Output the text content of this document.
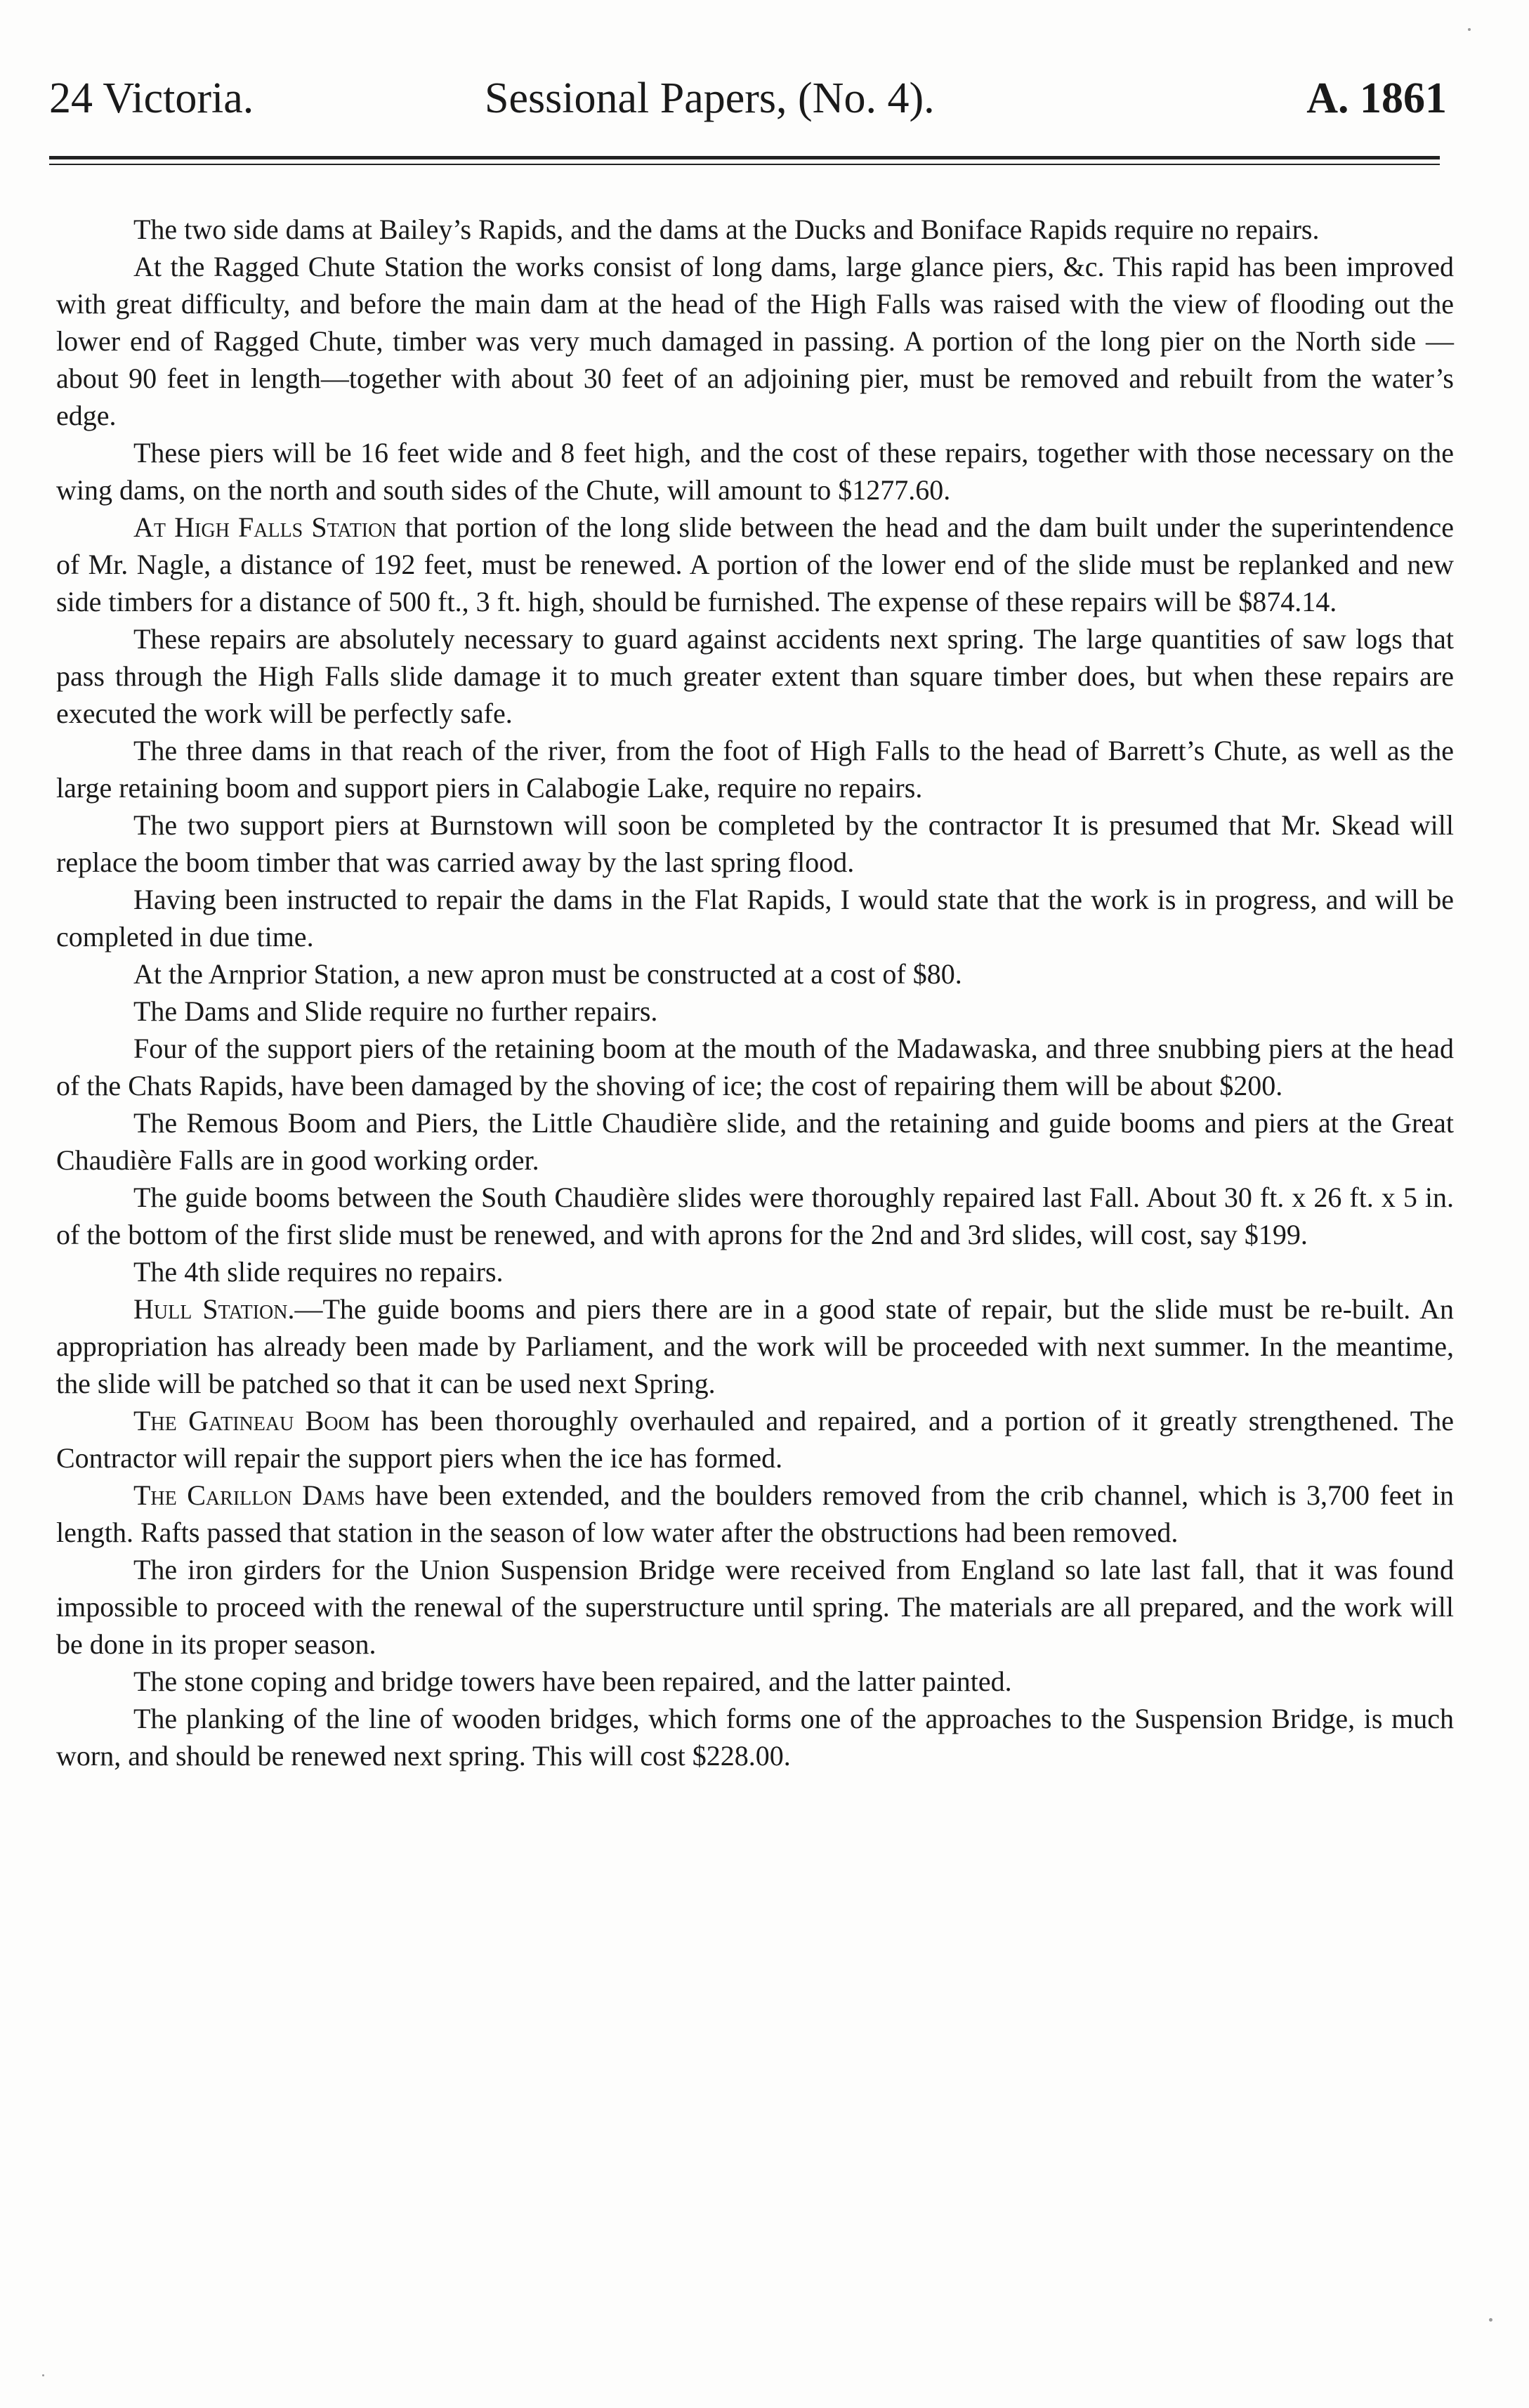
24 Victoria.	Sessional Papers, (No. 4).	A. 1861

The two side dams at Bailey’s Rapids, and the dams at the Ducks and Boniface Rapids require no repairs.

At the Ragged Chute Station the works consist of long dams, large glance piers, &c. This rapid has been improved with great difficulty, and before the main dam at the head of the High Falls was raised with the view of flooding out the lower end of Ragged Chute, timber was very much damaged in passing. A portion of the long pier on the North side —about 90 feet in length—together with about 30 feet of an adjoining pier, must be removed and rebuilt from the water’s edge.

These piers will be 16 feet wide and 8 feet high, and the cost of these repairs, together with those necessary on the wing dams, on the north and south sides of the Chute, will amount to $1277.60.

At High Falls Station that portion of the long slide between the head and the dam built under the superintendence of Mr. Nagle, a distance of 192 feet, must be renewed. A portion of the lower end of the slide must be replanked and new side timbers for a distance of 500 ft., 3 ft. high, should be furnished. The expense of these repairs will be $874.14.

These repairs are absolutely necessary to guard against accidents next spring. The large quantities of saw logs that pass through the High Falls slide damage it to much greater extent than square timber does, but when these repairs are executed the work will be perfectly safe.

The three dams in that reach of the river, from the foot of High Falls to the head of Barrett’s Chute, as well as the large retaining boom and support piers in Calabogie Lake, require no repairs.

The two support piers at Burnstown will soon be completed by the contractor It is presumed that Mr. Skead will replace the boom timber that was carried away by the last spring flood.

Having been instructed to repair the dams in the Flat Rapids, I would state that the work is in progress, and will be completed in due time.

At the Arnprior Station, a new apron must be constructed at a cost of $80.

The Dams and Slide require no further repairs.

Four of the support piers of the retaining boom at the mouth of the Madawaska, and three snubbing piers at the head of the Chats Rapids, have been damaged by the shoving of ice; the cost of repairing them will be about $200.

The Remous Boom and Piers, the Little Chaudière slide, and the retaining and guide booms and piers at the Great Chaudière Falls are in good working order.

The guide booms between the South Chaudière slides were thoroughly repaired last Fall. About 30 ft. x 26 ft. x 5 in. of the bottom of the first slide must be renewed, and with aprons for the 2nd and 3rd slides, will cost, say $199.

The 4th slide requires no repairs.

Hull Station.—The guide booms and piers there are in a good state of repair, but the slide must be re-built. An appropriation has already been made by Parliament, and the work will be proceeded with next summer. In the meantime, the slide will be patched so that it can be used next Spring.

The Gatineau Boom has been thoroughly overhauled and repaired, and a portion of it greatly strengthened. The Contractor will repair the support piers when the ice has formed.

The Carillon Dams have been extended, and the boulders removed from the crib channel, which is 3,700 feet in length. Rafts passed that station in the season of low water after the obstructions had been removed.

The iron girders for the Union Suspension Bridge were received from England so late last fall, that it was found impossible to proceed with the renewal of the superstructure until spring. The materials are all prepared, and the work will be done in its proper season.

The stone coping and bridge towers have been repaired, and the latter painted.

The planking of the line of wooden bridges, which forms one of the approaches to the Suspension Bridge, is much worn, and should be renewed next spring. This will cost $228.00.
